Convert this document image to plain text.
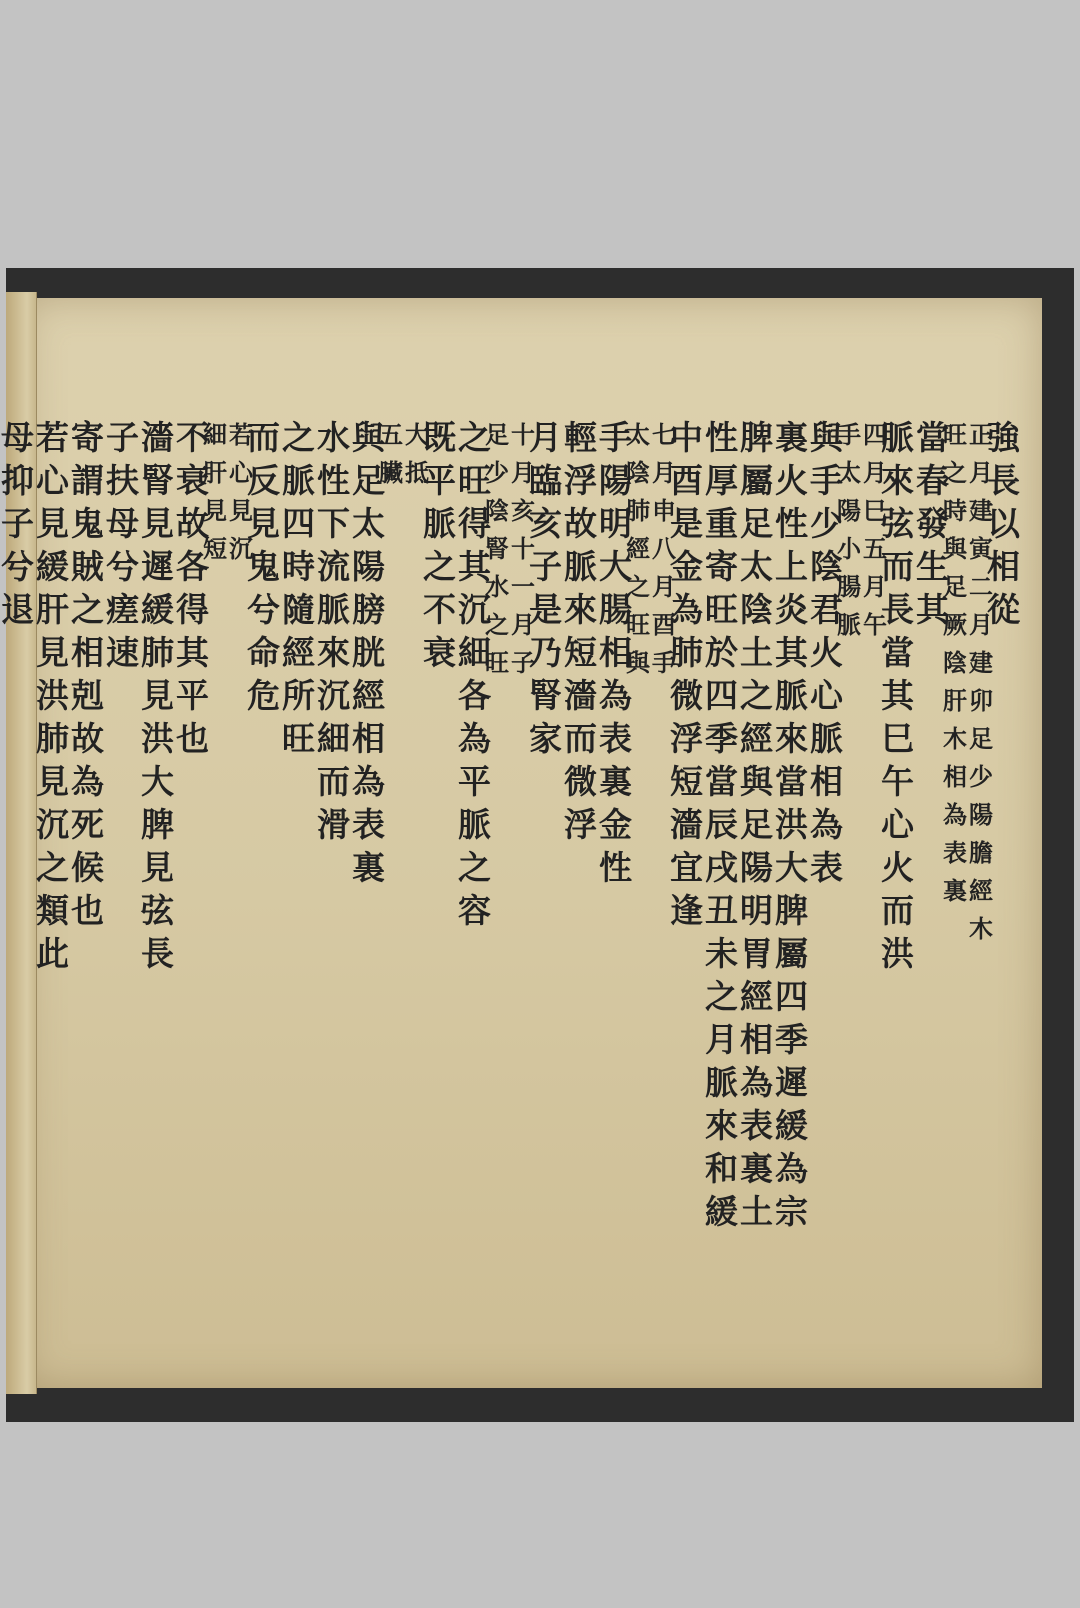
強
長
以
相
從
正
月
建
寅
二
月
建
卯
足
少
陽
膽
經
木
旺
之
時
與
足
厥
陰
肝
木
相
為
表
裏
當
春
發
生
其
脈
來
弦
而
長
當
其
巳
午
心
火
而
洪
四
月
巳
五
月
午
手
太
陽
小
腸
脈
與
手
少
陰
君
火
心
脈
相
為
表
裏
火
性
上
炎
其
脈
來
當
洪
大
脾
屬
四
季
遲
緩
為
宗
脾
屬
足
太
陰
土
之
經
與
足
陽
明
胃
經
相
為
表
裏
土
性
厚
重
寄
旺
於
四
季
當
辰
戌
丑
未
之
月
脈
來
和
緩
中
酉
是
金
為
肺
微
浮
短
濇
宜
逢
七
月
申
八
月
酉
手
太
陰
肺
經
之
旺
與
手
陽
明
大
腸
相
為
表
裏
金
性
輕
浮
故
脈
來
短
濇
而
微
浮
月
臨
亥
子
是
乃
腎
家
十
月
亥
十
一
月
子
足
少
陰
腎
水
之
旺
之
旺
得
其
沉
細
各
為
平
脈
之
容
既
平
脈
之
不
衰
大
抵
五
臟
與
足
太
陽
膀
胱
經
相
為
表
裏
水
性
下
流
脈
來
沉
細
而
滑
之
脈
四
時
隨
經
所
旺
而
反
見
鬼
兮
命
危
若
心
見
沉
細
肝
見
短
不
衰
故
各
得
其
平
也
濇
腎
見
遲
緩
肺
見
洪
大
脾
見
弦
長
子
扶
母
兮
瘥
速
寄
謂
鬼
賊
之
相
剋
故
為
死
候
也
若
心
見
緩
肝
見
洪
肺
見
沉
之
類
此
母
抑
子
兮
退
